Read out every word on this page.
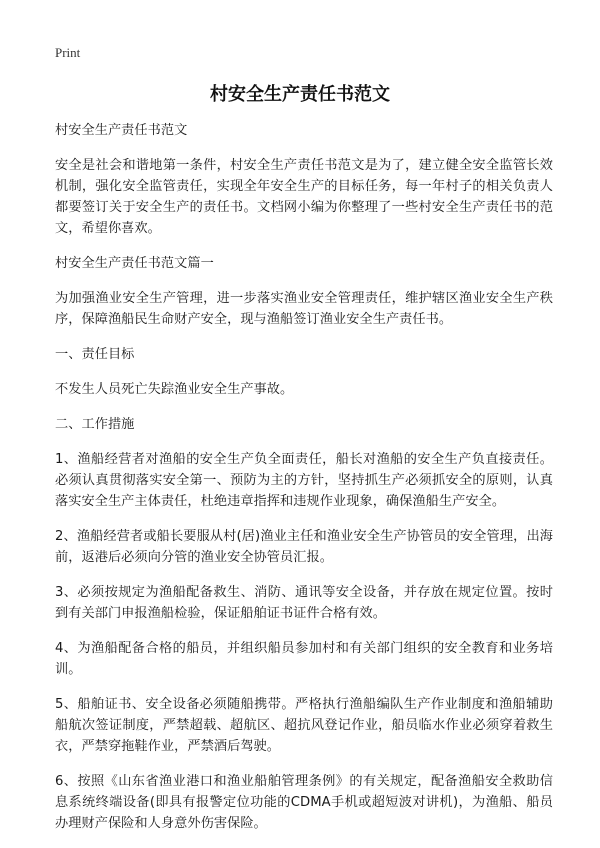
Print
村安全生产责任书范文

村安全生产责任书范文

安全是社会和谐地第一条件，村安全生产责任书范文是为了，建立健全安全监管长效机制，强化安全监管责任，实现全年安全生产的目标任务，每一年村子的相关负责人都要签订关于安全生产的责任书。文档网小编为你整理了一些村安全生产责任书的范文，希望你喜欢。

村安全生产责任书范文篇一

为加强渔业安全生产管理，进一步落实渔业安全管理责任，维护辖区渔业安全生产秩序，保障渔船民生命财产安全，现与渔船签订渔业安全生产责任书。

一、责任目标

不发生人员死亡失踪渔业安全生产事故。

二、工作措施

1、渔船经营者对渔船的安全生产负全面责任，船长对渔船的安全生产负直接责任。必须认真贯彻落实安全第一、预防为主的方针，坚持抓生产必须抓安全的原则，认真落实安全生产主体责任，杜绝违章指挥和违规作业现象，确保渔船生产安全。

2、渔船经营者或船长要服从村(居)渔业主任和渔业安全生产协管员的安全管理，出海前，返港后必须向分管的渔业安全协管员汇报。

3、必须按规定为渔船配备救生、消防、通讯等安全设备，并存放在规定位置。按时到有关部门申报渔船检验，保证船舶证书证件合格有效。

4、为渔船配备合格的船员，并组织船员参加村和有关部门组织的安全教育和业务培训。

5、船舶证书、安全设备必须随船携带。严格执行渔船编队生产作业制度和渔船辅助船航次签证制度，严禁超载、超航区、超抗风登记作业，船员临水作业必须穿着救生衣，严禁穿拖鞋作业，严禁酒后驾驶。

6、按照《山东省渔业港口和渔业船舶管理条例》的有关规定，配备渔船安全救助信息系统终端设备(即具有报警定位功能的CDMA手机或超短波对讲机)，为渔船、船员办理财产保险和人身意外伤害保险。
